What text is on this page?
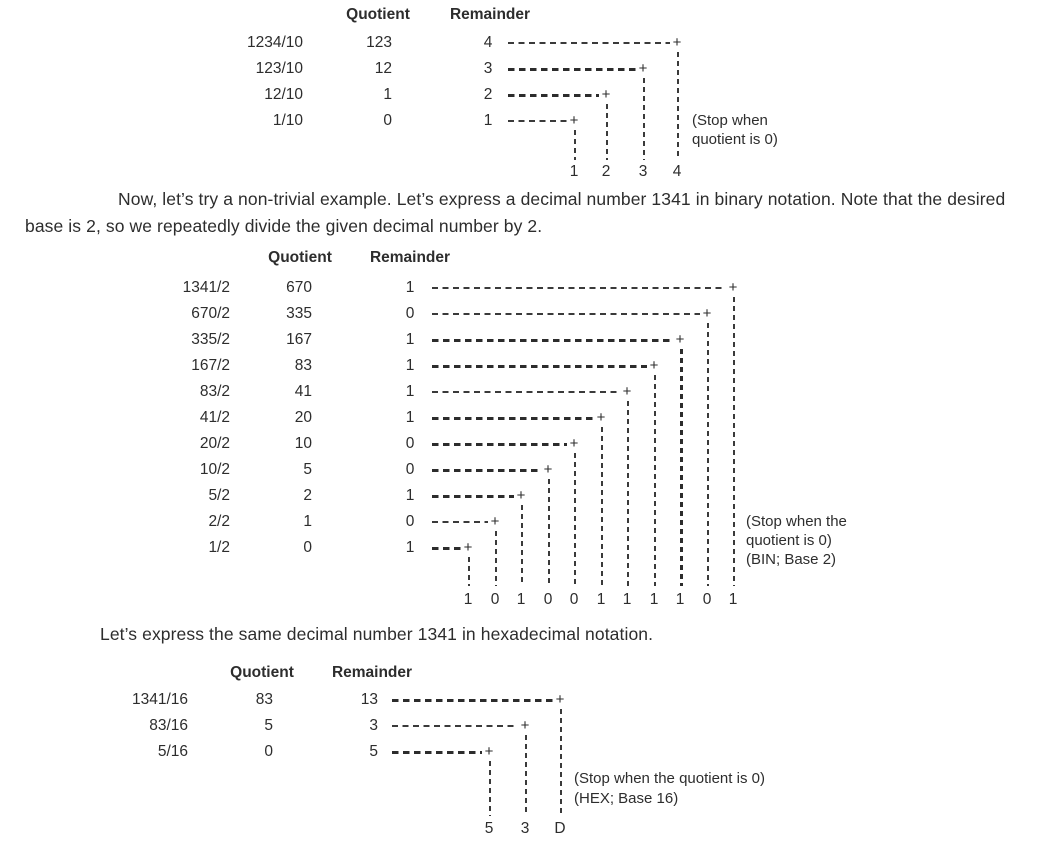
Quotient	Remainder
1234/10	123	4	+
123/10	12	3	+
12/10	1	2	+
1/10	0	1	+
1 2 3 4
(Stop when
quotient is 0)
Now, let’s try a non-trivial example. Let’s express a decimal number 1341 in binary notation. Note that the desired base is 2, so we repeatedly divide the given decimal number by 2.
Quotient	Remainder
1341/2	670	1	+
670/2	335	0	+
335/2	167	1	+
167/2	83	1	+
83/2	41	1	+
41/2	20	1	+
20/2	10	0	+
10/2	5	0	+
5/2	2	1	+
2/2	1	0	+
1/2	0	1	+
1 0 1 0 0 1 1 1 1 0 1
(Stop when the
quotient is 0)
(BIN; Base 2)
Let’s express the same decimal number 1341 in hexadecimal notation.
Quotient	Remainder
1341/16	83	13	+
83/16	5	3	+
5/16	0	5	+
5 3 D
(Stop when the quotient is 0)
(HEX; Base 16)
